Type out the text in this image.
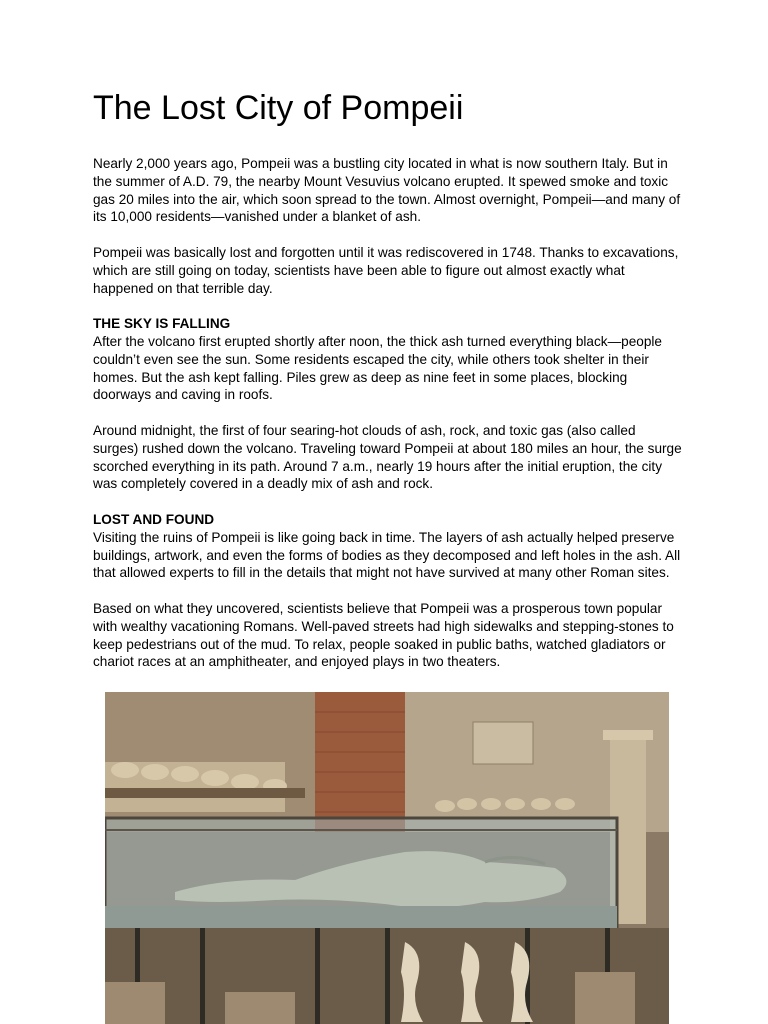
The Lost City of Pompeii

Nearly 2,000 years ago, Pompeii was a bustling city located in what is now southern Italy. But in the summer of A.D. 79, the nearby Mount Vesuvius volcano erupted. It spewed smoke and toxic gas 20 miles into the air, which soon spread to the town. Almost overnight, Pompeii—and many of its 10,000 residents—vanished under a blanket of ash.

Pompeii was basically lost and forgotten until it was rediscovered in 1748. Thanks to excavations, which are still going on today, scientists have been able to figure out almost exactly what happened on that terrible day.

THE SKY IS FALLING
After the volcano first erupted shortly after noon, the thick ash turned everything black—people couldn’t even see the sun. Some residents escaped the city, while others took shelter in their homes. But the ash kept falling. Piles grew as deep as nine feet in some places, blocking doorways and caving in roofs.

Around midnight, the first of four searing-hot clouds of ash, rock, and toxic gas (also called surges) rushed down the volcano. Traveling toward Pompeii at about 180 miles an hour, the surge scorched everything in its path. Around 7 a.m., nearly 19 hours after the initial eruption, the city was completely covered in a deadly mix of ash and rock.

LOST AND FOUND
Visiting the ruins of Pompeii is like going back in time. The layers of ash actually helped preserve buildings, artwork, and even the forms of bodies as they decomposed and left holes in the ash. All that allowed experts to fill in the details that might not have survived at many other Roman sites.

Based on what they uncovered, scientists believe that Pompeii was a prosperous town popular with wealthy vacationing Romans. Well-paved streets had high sidewalks and stepping-stones to keep pedestrians out of the mud. To relax, people soaked in public baths, watched gladiators or chariot races at an amphitheater, and enjoyed plays in two theaters.
